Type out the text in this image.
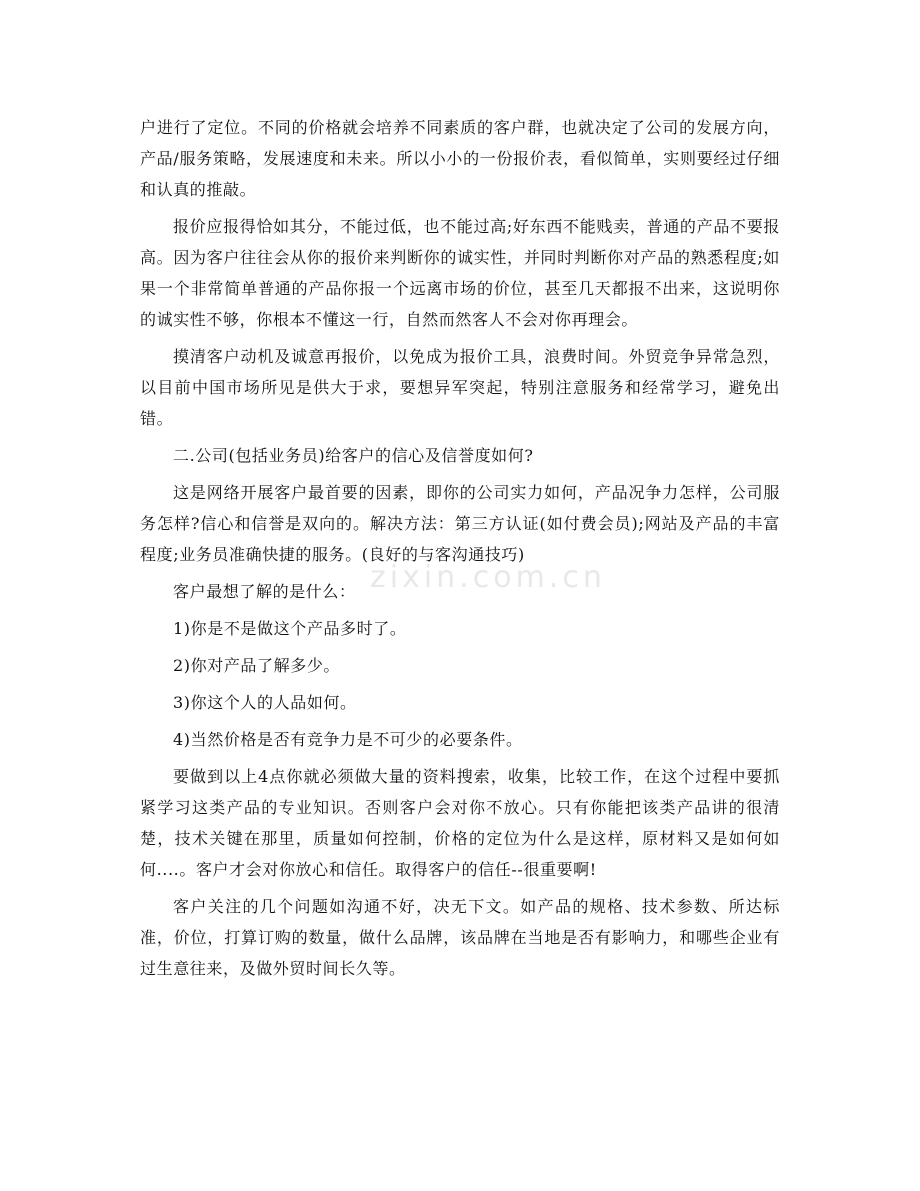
户进行了定位。不同的价格就会培养不同素质的客户群，也就决定了公司的发展方向，产品/服务策略，发展速度和未来。所以小小的一份报价表，看似简单，实则要经过仔细和认真的推敲。

报价应报得恰如其分，不能过低，也不能过高;好东西不能贱卖，普通的产品不要报高。因为客户往往会从你的报价来判断你的诚实性，并同时判断你对产品的熟悉程度;如果一个非常简单普通的产品你报一个远离市场的价位，甚至几天都报不出来，这说明你的诚实性不够，你根本不懂这一行，自然而然客人不会对你再理会。

摸清客户动机及诚意再报价，以免成为报价工具，浪费时间。外贸竞争异常急烈，以目前中国市场所见是供大于求，要想异军突起，特别注意服务和经常学习，避免出错。

二.公司(包括业务员)给客户的信心及信誉度如何?

这是网络开展客户最首要的因素，即你的公司实力如何，产品况争力怎样，公司服务怎样?信心和信誉是双向的。解决方法：第三方认证(如付费会员);网站及产品的丰富程度;业务员准确快捷的服务。(良好的与客沟通技巧)

客户最想了解的是什么：

1)你是不是做这个产品多时了。

2)你对产品了解多少。

3)你这个人的人品如何。

4)当然价格是否有竞争力是不可少的必要条件。

要做到以上4点你就必须做大量的资料搜索，收集，比较工作，在这个过程中要抓紧学习这类产品的专业知识。否则客户会对你不放心。只有你能把该类产品讲的很清楚，技术关键在那里，质量如何控制，价格的定位为什么是这样，原材料又是如何如何....。客户才会对你放心和信任。取得客户的信任--很重要啊!

客户关注的几个问题如沟通不好，决无下文。如产品的规格、技术参数、所达标准，价位，打算订购的数量，做什么品牌，该品牌在当地是否有影响力，和哪些企业有过生意往来，及做外贸时间长久等。

zixin.com.cn
